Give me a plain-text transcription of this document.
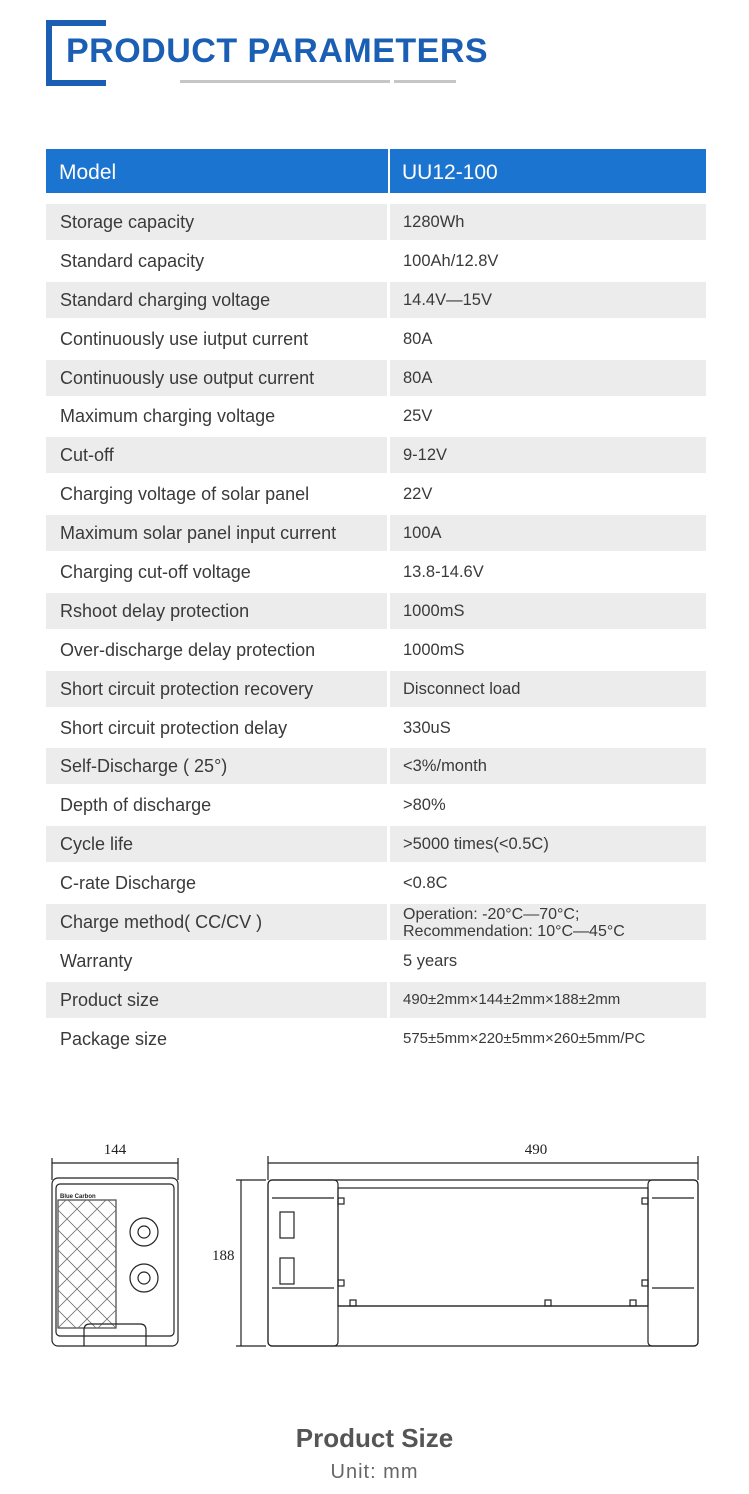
PRODUCT PARAMETERS
Model	UU12-100
Storage capacity	1280Wh
Standard capacity	100Ah/12.8V
Standard charging voltage	14.4V—15V
Continuously use iutput current	80A
Continuously use output current	80A
Maximum charging voltage	25V
Cut-off	9-12V
Charging voltage of solar panel	22V
Maximum solar panel input current	100A
Charging cut-off voltage	13.8-14.6V
Rshoot delay protection	1000mS
Over-discharge delay protection	1000mS
Short circuit protection recovery	Disconnect load
Short circuit protection delay	330uS
Self-Discharge ( 25°)	<3%/month
Depth of discharge	>80%
Cycle life	>5000 times(<0.5C)
C-rate Discharge	<0.8C
Charge method( CC/CV )	Operation: -20°C—70°C;
Recommendation: 10°C—45°C
Warranty	5 years
Product size	490±2mm×144±2mm×188±2mm
Package size	575±5mm×220±5mm×260±5mm/PC
144	490
188
Blue Carbon
Product Size
Unit: mm
